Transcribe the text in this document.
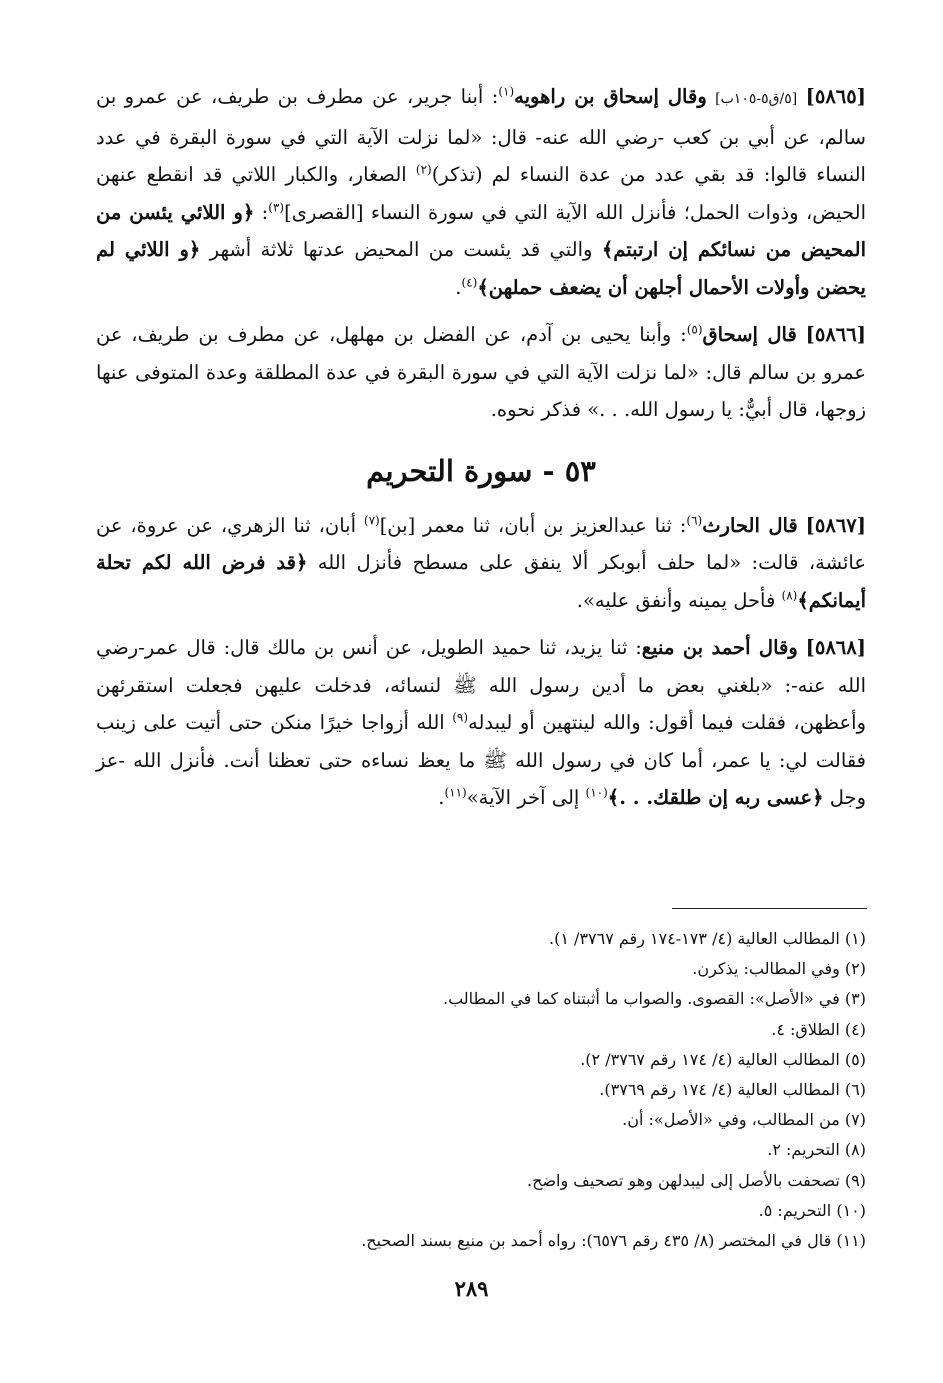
[٥٨٦٥] [٥/ق٥-١٠٥ب] وقال إسحاق بن راهويه$^{(١)}$: أبنا جرير، عن مطرف بن طريف، عن عمرو بن سالم، عن أبي بن كعب -رضي الله عنه- قال: «لما نزلت الآية التي في سورة البقرة في عدد النساء قالوا: قد بقي عدد من عدة النساء لم (تذكر)$^{(٢)}$ الصغار، والكبار اللاتي قد انقطع عنهن الحيض، وذوات الحمل؛ فأنزل الله الآية التي في سورة النساء [القصرى]$^{(٣)}$: ﴿و اللائي يئسن من المحيض من نسائكم إن ارتبتم﴾ والتي قد يئست من المحيض عدتها ثلاثة أشهر ﴿و اللائي لم يحضن وأولات الأحمال أجلهن أن يضعف حملهن﴾$^{(٤)}$.

[٥٨٦٦] قال إسحاق$^{(٥)}$: وأبنا يحيى بن آدم، عن الفضل بن مهلهل، عن مطرف بن طريف، عن عمرو بن سالم قال: «لما نزلت الآية التي في سورة البقرة في عدة المطلقة وعدة المتوفى عنها زوجها، قال أبيٌّ: يا رسول الله. . .» فذكر نحوه.

٥٣ - سورة التحريم

[٥٨٦٧] قال الحارث$^{(٦)}$: ثنا عبدالعزيز بن أبان، ثنا معمر [بن]$^{(٧)}$ أبان، ثنا الزهري، عن عروة، عن عائشة، قالت: «لما حلف أبوبكر ألا ينفق على مسطح فأنزل الله ﴿قد فرض الله لكم تحلة أيمانكم﴾$^{(٨)}$ فأحل يمينه وأنفق عليه».

[٥٨٦٨] وقال أحمد بن منيع: ثنا يزيد، ثنا حميد الطويل، عن أنس بن مالك قال: قال عمر-رضي الله عنه-: «بلغني بعض ما أدين رسول الله ﷺ لنسائه، فدخلت عليهن فجعلت استقرئهن وأعظهن، فقلت فيما أقول: والله لينتهين أو ليبدله$^{(٩)}$ الله أزواجا خيرًا منكن حتى أتيت على زينب فقالت لي: يا عمر، أما كان في رسول الله ﷺ ما يعظ نساءه حتى تعظنا أنت. فأنزل الله -عز وجل ﴿عسى ربه إن طلقك. . .﴾$^{(١٠)}$ إلى آخر الآية»$^{(١١)}$.

(١) المطالب العالية (٤/ ١٧٣-١٧٤ رقم ٣٧٦٧/ ١).
(٢) وفي المطالب: يذكرن.
(٣) في «الأصل»: القصوى. والصواب ما أثبتناه كما في المطالب.
(٤) الطلاق: ٤.
(٥) المطالب العالية (٤/ ١٧٤ رقم ٣٧٦٧/ ٢).
(٦) المطالب العالية (٤/ ١٧٤ رقم ٣٧٦٩).
(٧) من المطالب، وفي «الأصل»: أن.
(٨) التحريم: ٢.
(٩) تصحفت بالأصل إلى ليبدلهن وهو تصحيف واضح.
(١٠) التحريم: ٥.
(١١) قال في المختصر (٨/ ٤٣٥ رقم ٦٥٧٦): رواه أحمد بن منيع بسند الصحيح.
٢٨٩
